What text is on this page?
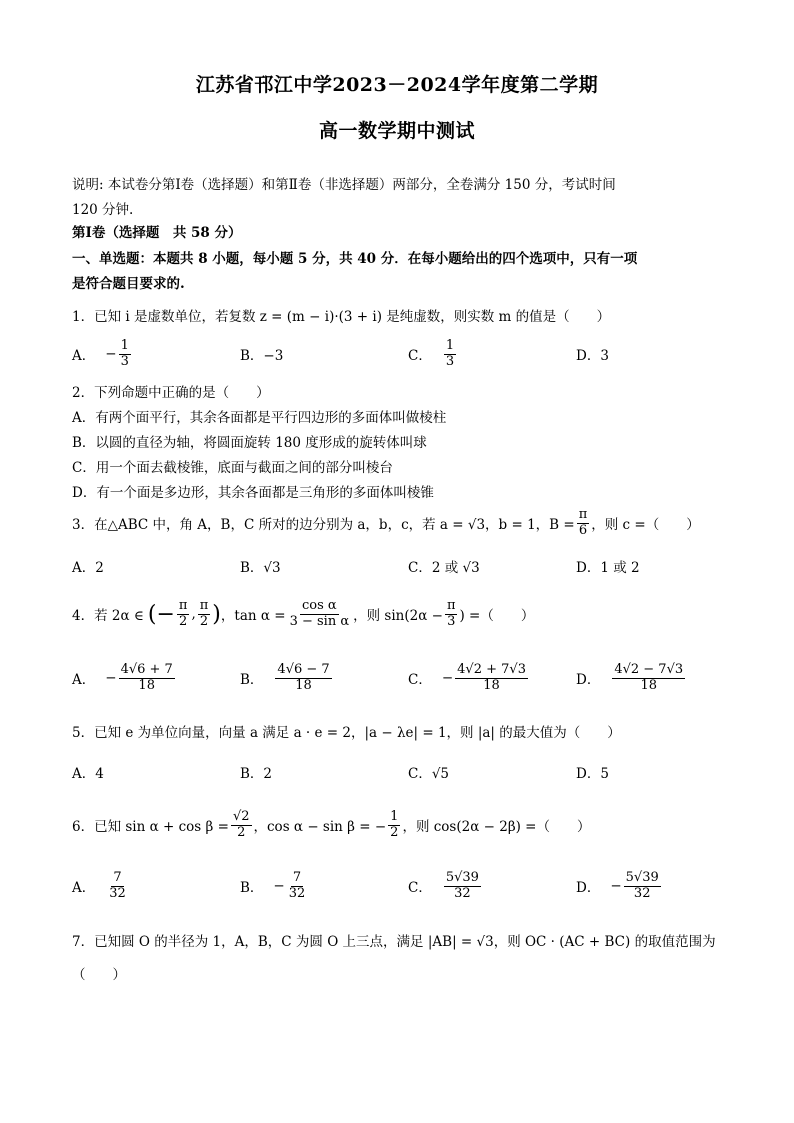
江苏省邗江中学2023－2024学年度第二学期
高一数学期中测试
说明: 本试卷分第Ⅰ卷（选择题）和第Ⅱ卷（非选择题）两部分，全卷满分 150 分，考试时间
120 分钟.
第Ⅰ卷（选择题　共 58 分）
一、单选题：本题共 8 小题，每小题 5 分，共 40 分．在每小题给出的四个选项中，只有一项
是符合题目要求的.
1．已知 i 是虚数单位，若复数 z = (m − i)·(3 + i) 是纯虚数，则实数 m 的值是（　　）
A． − $\frac{1}{3}$	B．−3	C． $\frac{1}{3}$	D．3
2．下列命题中正确的是（　　）
A．有两个面平行，其余各面都是平行四边形的多面体叫做棱柱
B．以圆的直径为轴，将圆面旋转 180 度形成的旋转体叫球
C．用一个面去截棱锥，底面与截面之间的部分叫棱台
D．有一个面是多边形，其余各面都是三角形的多面体叫棱锥
3．在△ABC 中，角 A，B，C 所对的边分别为 a，b，c，若 a = √3，b = 1，$B = \frac{\pi}{6}$ ，则 c =（　　）
A．2	B．√3	C．2 或 √3	D．1 或 2
4．若 2α ∈ (− $\frac{\pi}{2}$ , $\frac{\pi}{2}$ ) ，$\tan \alpha = \frac{\text{cos α}}{\text{3 − sin α}}$ ，则 $\sin(2\alpha - \frac{\pi}{3}$ ) =（　　）
A． − $\frac{4√6 + 7}{18}$	B． $\frac{4√6 - 7}{18}$	C． − $\frac{4√2 + 7√3}{18}$	D． $\frac{4√2 - 7√3}{18}$
5．已知 e 为单位向量，向量 a 满足 a · e = 2，|a − λe| = 1，则 |a| 的最大值为（　　）
A．4	B．2	C．√5	D．5
6．已知 $\sin \alpha + \cos \beta = \frac{√2}{2}$ ，cos α − sin β = − $\frac{1}{2}$ ，则 cos(2α − 2β) =（　　）
A． $\frac{7}{32}$	B． − $\frac{7}{32}$	C． $\frac{5√39}{32}$	D． − $\frac{5√39}{32}$
7．已知圆 O 的半径为 1，A，B，C 为圆 O 上三点，满足 |AB| = √3，则 OC · (AC + BC) 的取值范围为
（　　）
